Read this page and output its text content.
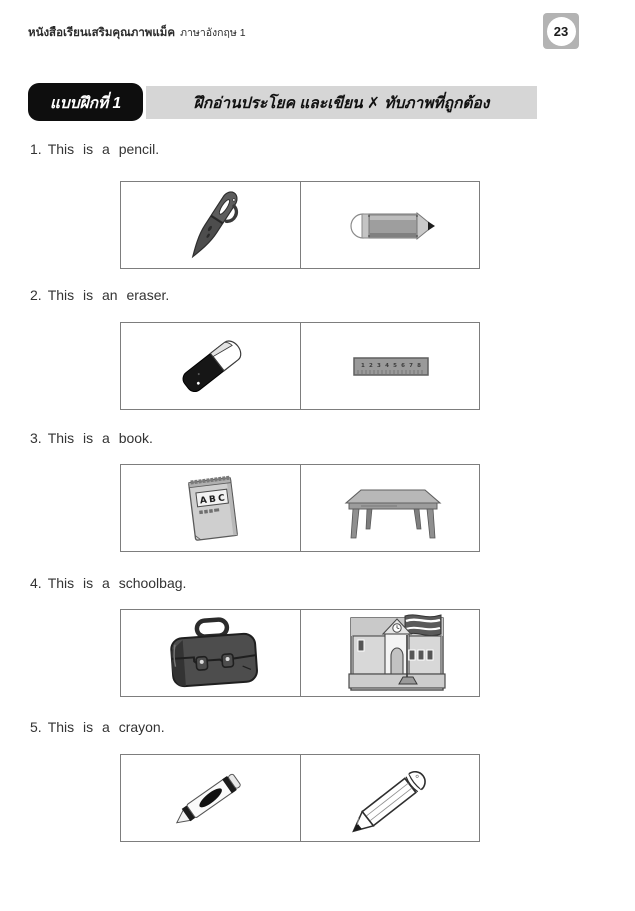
หนังสือเรียนเสริมคุณภาพแม็ค ภาษาอังกฤษ 1	23
ฝึกอ่านประโยค และเขียน ✗ ทับภาพที่ถูกต้อง
แบบฝึกที่ 1
1. This is a pencil.
2. This is an eraser.
1 2 3 4 5 6 7 8
3. This is a book.
A B C
4. This is a schoolbag.
5. This is a crayon.
